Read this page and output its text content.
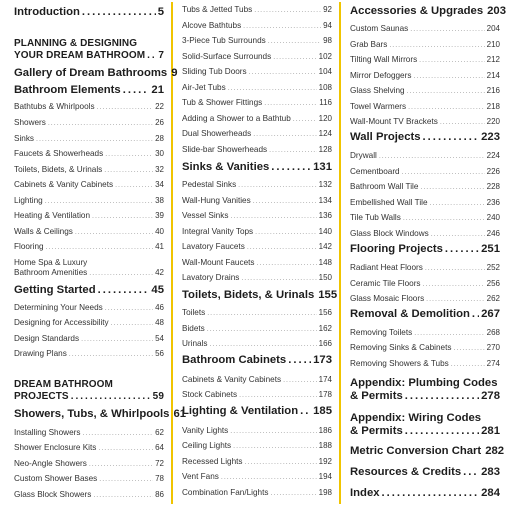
Introduction .....	5
PLANNING & DESIGNING
YOUR DREAM BATHROOM ..... 7
Gallery of Dream Bathrooms 9
Bathroom Elements .....	21
Bathtubs & Whirlpools .....	22
Showers .....	26
Sinks .....	28
Faucets & Showerheads .....	30
Toilets, Bidets, & Urinals .....	32
Cabinets & Vanity Cabinets .....	34
Lighting .....	38
Heating & Ventilation .....	39
Walls & Ceilings .....	40
Flooring .....	41
Home Spa & Luxury
Bathroom Amenities .....	42
Getting Started .....	45
Determining Your Needs .....	46
Designing for Accessibility .....	48
Design Standards .....	54
Drawing Plans .....	56
DREAM BATHROOM
PROJECTS .....	59
Showers, Tubs, & Whirlpools 61
Installing Showers .....	62
Shower Enclosure Kits .....	64
Neo-Angle Showers .....	72
Custom Shower Bases .....	78
Glass Block Showers .....	86
Tubs & Jetted Tubs .....	92
Alcove Bathtubs .....	94
3-Piece Tub Surrounds .....	98
Solid-Surface Surrounds .....	102
Sliding Tub Doors .....	104
Air-Jet Tubs .....	108
Tub & Shower Fittings .....	116
Adding a Shower to a Bathtub .....	120
Dual Showerheads .....	124
Slide-bar Showerheads .....	128
Sinks & Vanities .....	131
Pedestal Sinks .....	132
Wall-Hung Vanities .....	134
Vessel Sinks .....	136
Integral Vanity Tops .....	140
Lavatory Faucets .....	142
Wall-Mount Faucets .....	148
Lavatory Drains .....	150
Toilets, Bidets, & Urinals 155
Toilets .....	156
Bidets .....	162
Urinals .....	166
Bathroom Cabinets ..... 173
Cabinets & Vanity Cabinets .....	174
Stock Cabinets .....	178
Lighting & Ventilation ..... 185
Vanity Lights .....	186
Ceiling Lights .....	188
Recessed Lights .....	192
Vent Fans .....	194
Combination Fan/Lights .....	198
Accessories & Upgrades 203
Custom Saunas .....	204
Grab Bars .....	210
Tilting Wall Mirrors .....	212
Mirror Defoggers .....	214
Glass Shelving .....	216
Towel Warmers .....	218
Wall-Mount TV Brackets .....	220
Wall Projects .....	223
Drywall .....	224
Cementboard .....	226
Bathroom Wall Tile .....	228
Embellished Wall Tile .....	236
Tile Tub Walls .....	240
Glass Block Windows .....	246
Flooring Projects .....	251
Radiant Heat Floors .....	252
Ceramic Tile Floors .....	256
Glass Mosaic Floors .....	262
Removal & Demolition ..... 267
Removing Toilets .....	268
Removing Sinks & Cabinets .....	270
Removing Showers & Tubs .....	274
Appendix: Plumbing Codes
& Permits .....	278
Appendix: Wiring Codes
& Permits .....	281
Metric Conversion Chart 282
Resources & Credits ..... 283
Index .....	284
